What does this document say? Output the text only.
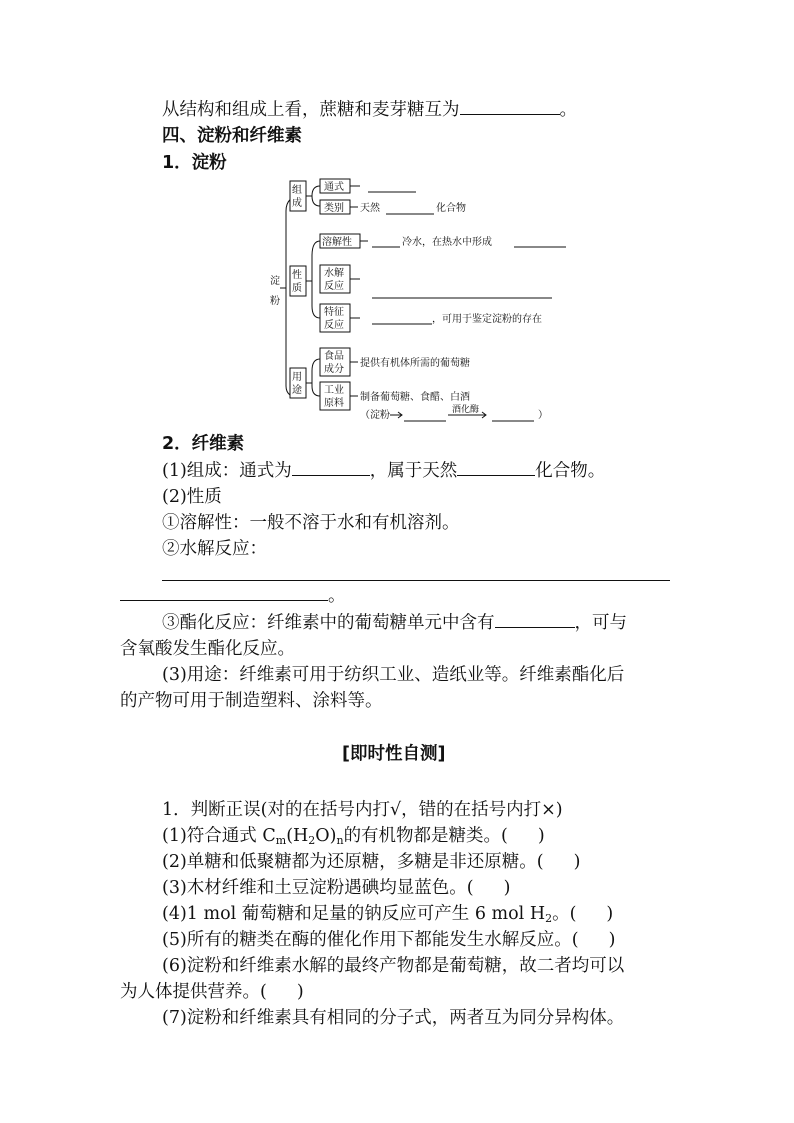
从结构和组成上看，蔗糖和麦芽糖互为	。
四、淀粉和纤维素
1．淀粉
淀
粉
组
成
通式
类别 天然	化合物
性
质
溶解性	冷水，在热水中形成
水解
反应
特征
反应
，可用于鉴定淀粉的存在
用
途
食品
成分
提供有机体所需的葡萄糖
工业
原料
制备葡萄糖、食醋、白酒
（淀粉	酒化酶	）
2．纤维素
(1)组成：通式为	，属于天然	化合物。
(2)性质
①溶解性：一般不溶于水和有机溶剂。
②水解反应：
。
③酯化反应：纤维素中的葡萄糖单元中含有	，可与
含氧酸发生酯化反应。
(3)用途：纤维素可用于纺织工业、造纸业等。纤维素酯化后
的产物可用于制造塑料、涂料等。
[即时性自测]
1．判断正误(对的在括号内打√，错的在括号内打×)
(1)符合通式 $C_m(H_2O)_n$的有机物都是糖类。( )
(2)单糖和低聚糖都为还原糖，多糖是非还原糖。( )
(3)木材纤维和土豆淀粉遇碘均显蓝色。( )
(4)1 mol 葡萄糖和足量的钠反应可产生 6 mol $H_2$。( )
(5)所有的糖类在酶的催化作用下都能发生水解反应。( )
(6)淀粉和纤维素水解的最终产物都是葡萄糖，故二者均可以
为人体提供营养。( )
(7)淀粉和纤维素具有相同的分子式，两者互为同分异构体。
